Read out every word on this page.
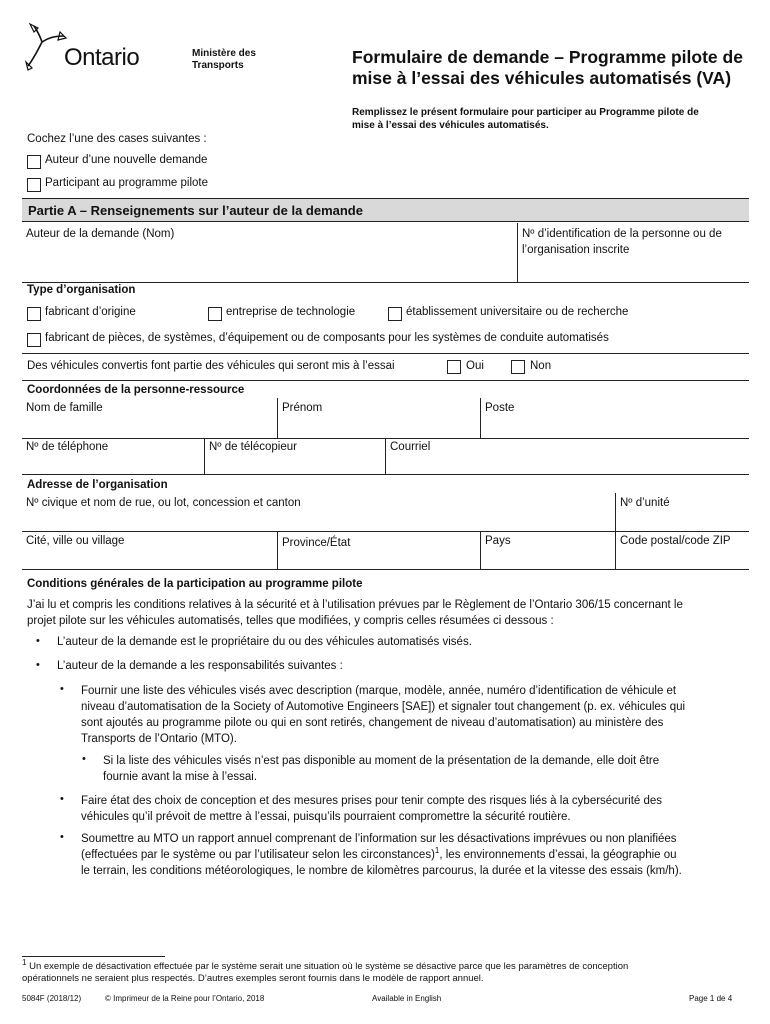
Ontario	Ministère des
Transports	Formulaire de demande – Programme pilote de
mise à l’essai des véhicules automatisés (VA)
Remplissez le présent formulaire pour participer au Programme pilote de
mise à l’essai des véhicules automatisés.
Cochez l’une des cases suivantes :
Auteur d’une nouvelle demande
Participant au programme pilote
Partie A – Renseignements sur l’auteur de la demande
Auteur de la demande (Nom)	Nº d’identification de la personne ou de
l’organisation inscrite
Type d’organisation
fabricant d’origine	entreprise de technologie	établissement universitaire ou de recherche
fabricant de pièces, de systèmes, d’équipement ou de composants pour les systèmes de conduite automatisés
Des véhicules convertis font partie des véhicules qui seront mis à l’essai	Oui	Non
Coordonnées de la personne-ressource
Nom de famille	Prénom	Poste
Nº de téléphone	Nº de télécopieur	Courriel
Adresse de l’organisation
Nº civique et nom de rue, ou lot, concession et canton	Nº d’unité
Cité, ville ou village	Province/État	Pays	Code postal/code ZIP
Conditions générales de la participation au programme pilote
J’ai lu et compris les conditions relatives à la sécurité et à l’utilisation prévues par le Règlement de l’Ontario 306/15 concernant le
projet pilote sur les véhicules automatisés, telles que modifiées, y compris celles résumées ci dessous :
• L’auteur de la demande est le propriétaire du ou des véhicules automatisés visés.
• L’auteur de la demande a les responsabilités suivantes :
• Fournir une liste des véhicules visés avec description (marque, modèle, année, numéro d’identification de véhicule et
niveau d’automatisation de la Society of Automotive Engineers [SAE]) et signaler tout changement (p. ex. véhicules qui
sont ajoutés au programme pilote ou qui en sont retirés, changement de niveau d’automatisation) au ministère des
Transports de l’Ontario (MTO).
• Si la liste des véhicules visés n’est pas disponible au moment de la présentation de la demande, elle doit être
fournie avant la mise à l’essai.
• Faire état des choix de conception et des mesures prises pour tenir compte des risques liés à la cybersécurité des
véhicules qu’il prévoit de mettre à l’essai, puisqu’ils pourraient compromettre la sécurité routière.
• Soumettre au MTO un rapport annuel comprenant de l’information sur les désactivations imprévues ou non planifiées
(effectuées par le système ou par l’utilisateur selon les circonstances)$^1$, les environnements d’essai, la géographie ou
le terrain, les conditions météorologiques, le nombre de kilomètres parcourus, la durée et la vitesse des essais (km/h).
$^1$ Un exemple de désactivation effectuée par le système serait une situation où le système se désactive parce que les paramètres de conception
opérationnels ne seraient plus respectés. D’autres exemples seront fournis dans le modèle de rapport annuel.
5084F (2018/12)	© Imprimeur de la Reine pour l’Ontario, 2018	Available in English	Page 1 de 4
